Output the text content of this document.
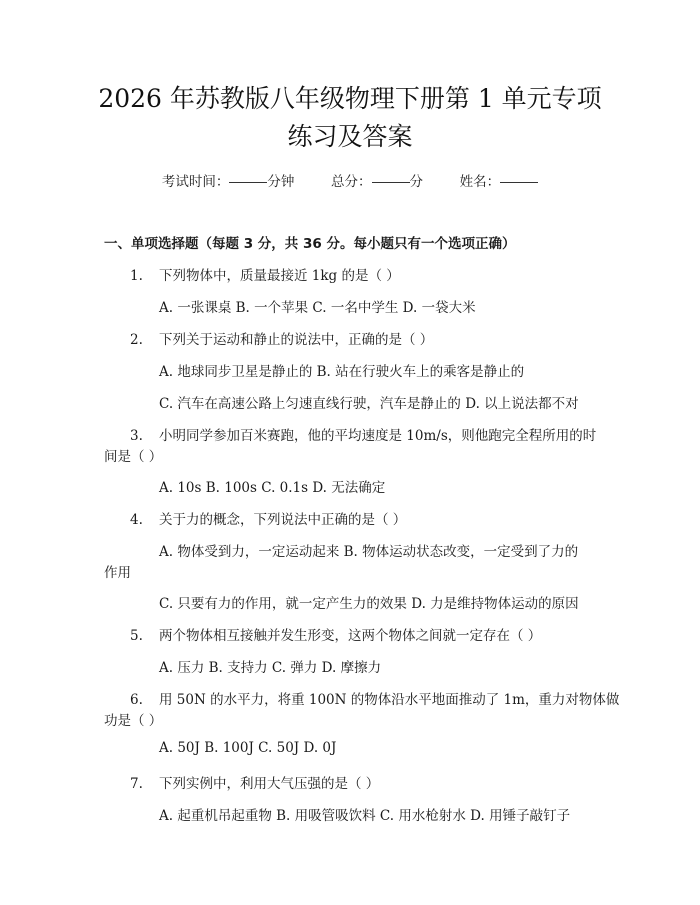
2026 年苏教版八年级物理下册第 1 单元专项
练习及答案
考试时间：	分钟	总分：	分	姓名：
一、单项选择题（每题 3 分，共 36 分。每小题只有一个选项正确）
1. 下列物体中，质量最接近 1kg 的是（ ）
A. 一张课桌 B. 一个苹果 C. 一名中学生 D. 一袋大米
2. 下列关于运动和静止的说法中，正确的是（ ）
A. 地球同步卫星是静止的 B. 站在行驶火车上的乘客是静止的
C. 汽车在高速公路上匀速直线行驶，汽车是静止的 D. 以上说法都不对
3. 小明同学参加百米赛跑，他的平均速度是 10m/s，则他跑完全程所用的时
间是（ ）
A. 10s B. 100s C. 0.1s D. 无法确定
4. 关于力的概念，下列说法中正确的是（ ）
A. 物体受到力，一定运动起来 B. 物体运动状态改变，一定受到了力的
作用
C. 只要有力的作用，就一定产生力的效果 D. 力是维持物体运动的原因
5. 两个物体相互接触并发生形变，这两个物体之间就一定存在（ ）
A. 压力 B. 支持力 C. 弹力 D. 摩擦力
6. 用 50N 的水平力，将重 100N 的物体沿水平地面推动了 1m，重力对物体做
功是（ ）
A. 50J B. 100J C. 50J D. 0J
7. 下列实例中，利用大气压强的是（ ）
A. 起重机吊起重物 B. 用吸管吸饮料 C. 用水枪射水 D. 用锤子敲钉子
